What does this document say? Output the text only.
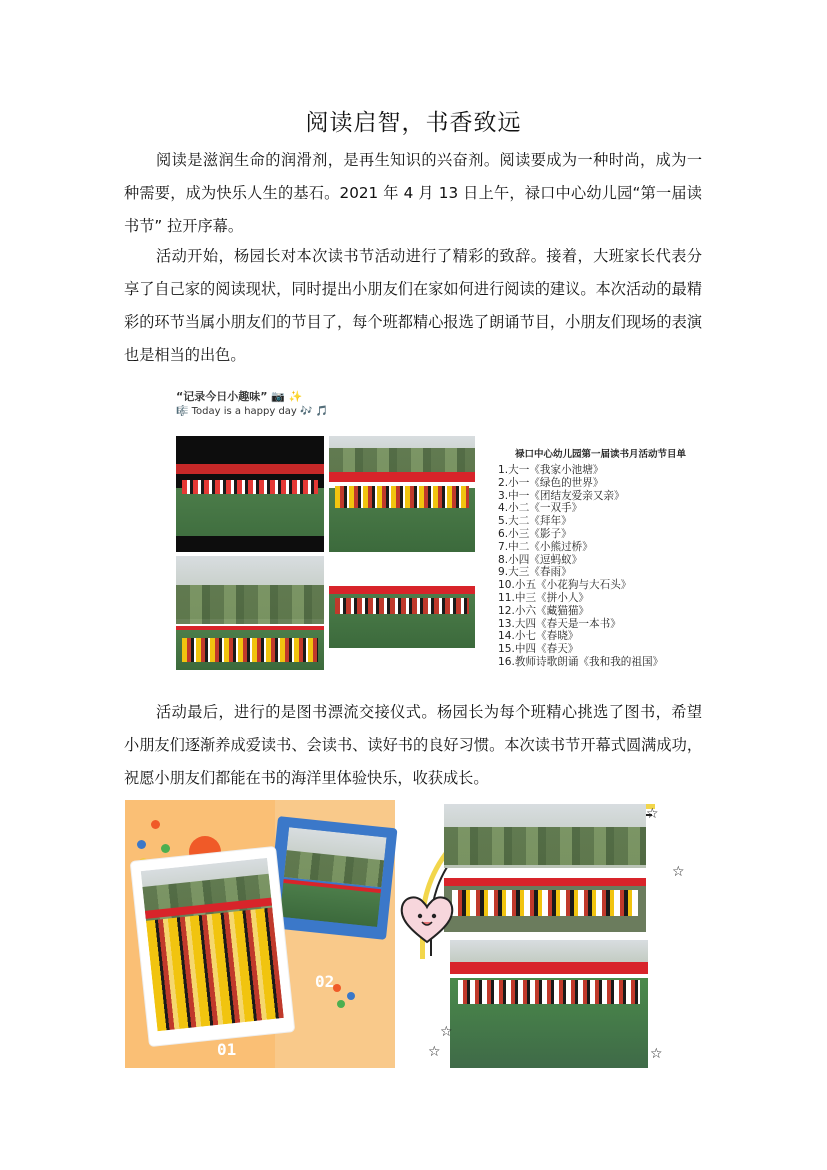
阅读启智，书香致远

阅读是滋润生命的润滑剂，是再生知识的兴奋剂。阅读要成为一种时尚，成为一种需要，成为快乐人生的基石。2021 年 4 月 13 日上午，禄口中心幼儿园“第一届读书节” 拉开序幕。

活动开始，杨园长对本次读书节活动进行了精彩的致辞。接着，大班家长代表分享了自己家的阅读现状，同时提出小朋友们在家如何进行阅读的建议。本次活动的最精彩的环节当属小朋友们的节目了，每个班都精心报选了朗诵节目，小朋友们现场的表演也是相当的出色。

“记录今日小趣味” 📷 ✨
🎼 Today is a happy day 🎶 🎵
禄口中心幼儿园第一届读书月活动节目单
1.大一《我家小池塘》
2.小一《绿色的世界》
3.中一《团结友爱亲又亲》
4.小二《一双手》
5.大二《拜年》
6.小三《影子》
7.中二《小熊过桥》
8.小四《逗蚂蚁》
9.大三《春雨》
10.小五《小花狗与大石头》
11.中三《拼小人》
12.小六《藏猫猫》
13.大四《春天是一本书》
14.小七《春晓》
15.中四《春天》
16.教师诗歌朗诵《我和我的祖国》

活动最后，进行的是图书漂流交接仪式。杨园长为每个班精心挑选了图书，希望小朋友们逐渐养成爱读书、会读书、读好书的良好习惯。本次读书节开幕式圆满成功，祝愿小朋友们都能在书的海洋里体验快乐，收获成长。

02
01
☆
☆
☆
☆
☆
